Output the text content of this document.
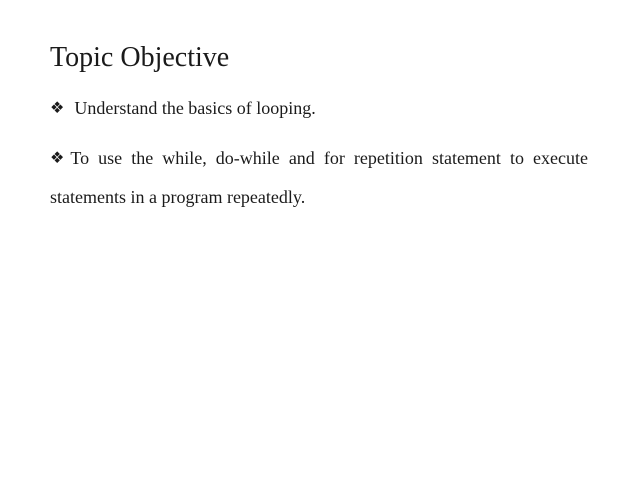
Topic Objective
❖ Understand the basics of looping.
❖ To use the while, do-while and for repetition statement to execute statements in a program repeatedly.
